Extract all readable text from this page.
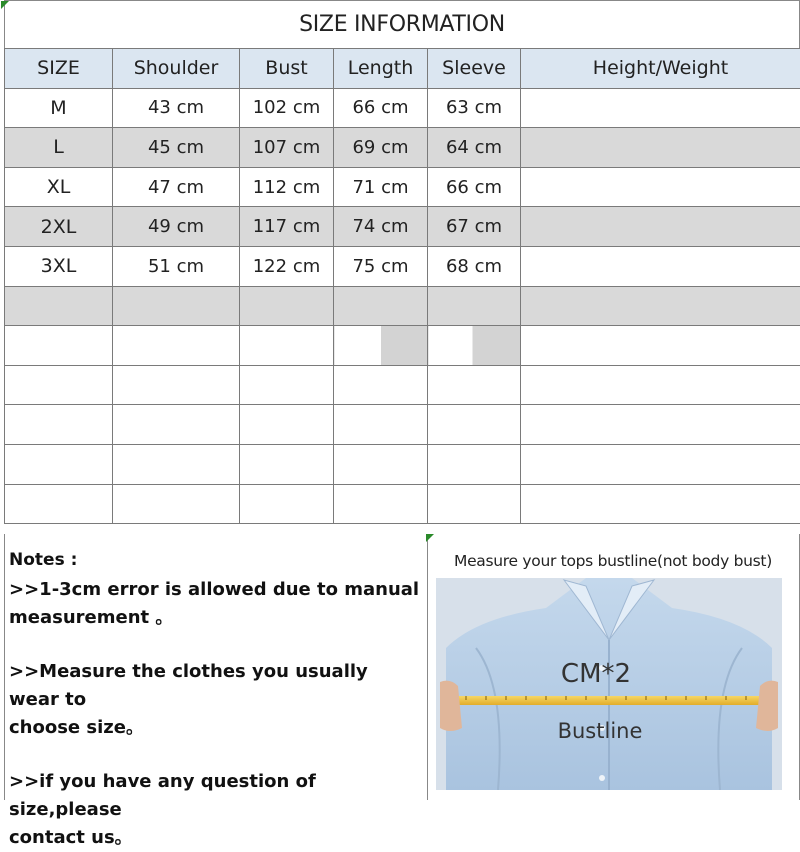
SIZE INFORMATION
SIZE	Shoulder	Bust	Length	Sleeve	Height/Weight
M	43 cm	102 cm	66 cm	63 cm	
L	45 cm	107 cm	69 cm	64 cm	
XL	47 cm	112 cm	71 cm	66 cm	
2XL	49 cm	117 cm	74 cm	67 cm	
3XL	51 cm	122 cm	75 cm	68 cm	

Notes :

>>1-3cm error is allowed due to manual

measurement 。

>>Measure the clothes you usually wear to

choose size。

>>if you have any question of size,please

contact us。

Measure your tops bustline(not body bust)
CM*2
Bustline
